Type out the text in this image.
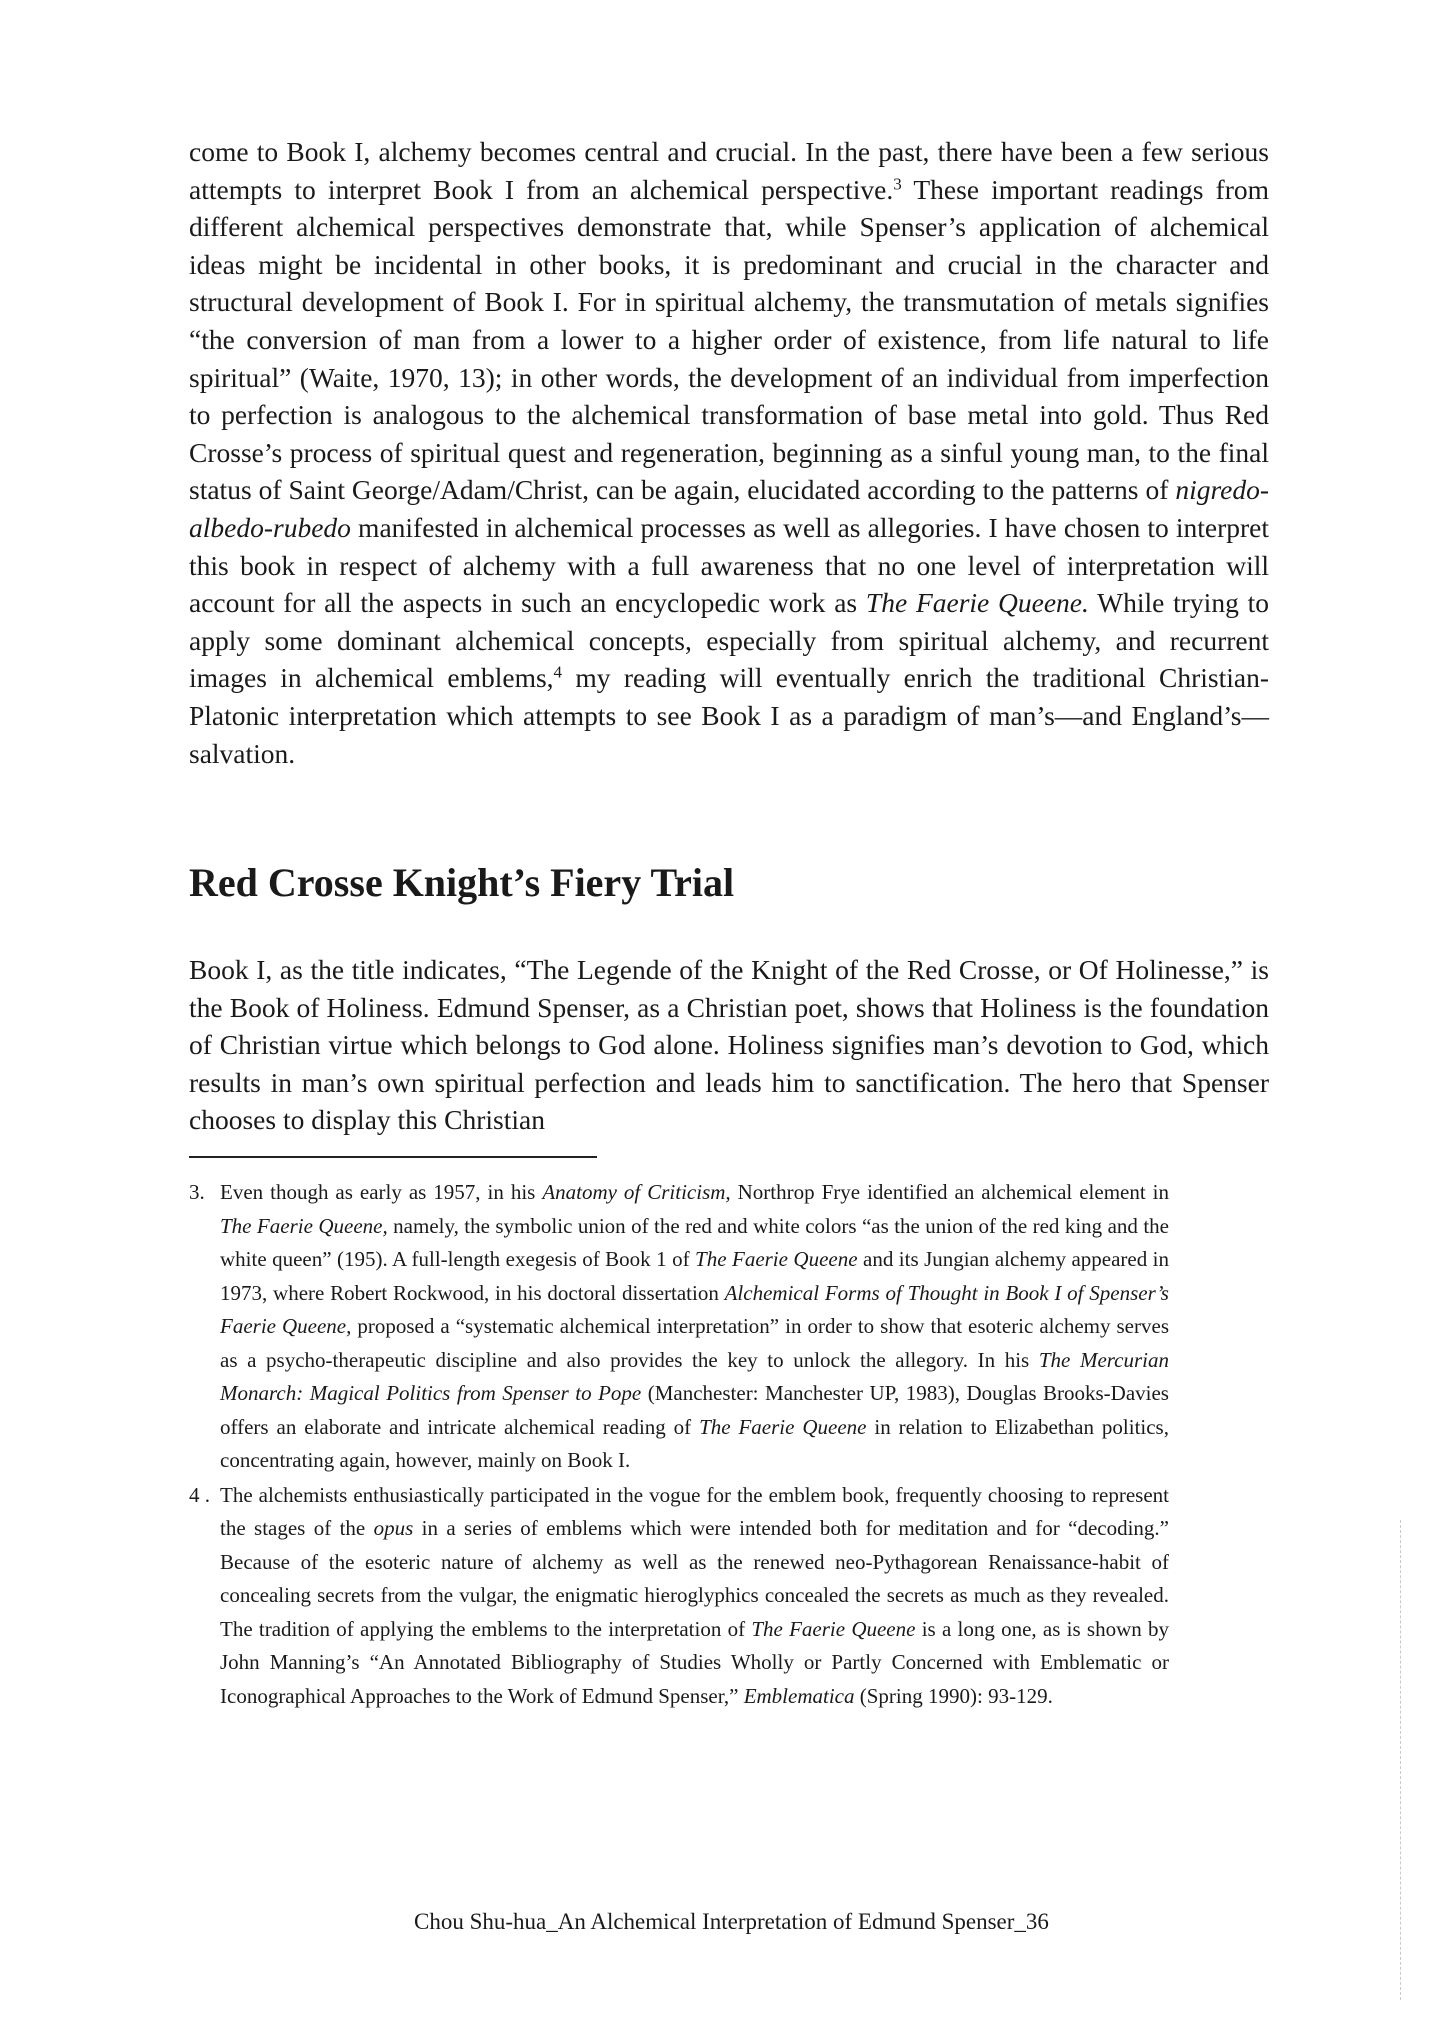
come to Book I, alchemy becomes central and crucial. In the past, there have been a few serious attempts to interpret Book I from an alchemical perspective.$^3$ These important readings from different alchemical perspectives demonstrate that, while Spenser’s application of alchemical ideas might be incidental in other books, it is predominant and crucial in the character and structural development of Book I. For in spiritual alchemy, the transmutation of metals signifies “the conversion of man from a lower to a higher order of existence, from life natural to life spiritual” (Waite, 1970, 13); in other words, the development of an individual from imperfection to perfection is analogous to the alchemical transformation of base metal into gold. Thus Red Crosse’s process of spiritual quest and regeneration, beginning as a sinful young man, to the final status of Saint George/Adam/Christ, can be again, elucidated according to the patterns of nigredo-albedo-rubedo manifested in alchemical processes as well as allegories. I have chosen to interpret this book in respect of alchemy with a full awareness that no one level of interpretation will account for all the aspects in such an encyclopedic work as The Faerie Queene. While trying to apply some dominant alchemical concepts, especially from spiritual alchemy, and recurrent images in alchemical emblems,$^4$ my reading will eventually enrich the traditional Christian-Platonic interpretation which attempts to see Book I as a paradigm of man’s—and England’s—salvation.

Red Crosse Knight’s Fiery Trial

Book I, as the title indicates, “The Legende of the Knight of the Red Crosse, or Of Holinesse,” is the Book of Holiness. Edmund Spenser, as a Christian poet, shows that Holiness is the foundation of Christian virtue which belongs to God alone. Holiness signifies man’s devotion to God, which results in man’s own spiritual perfection and leads him to sanctification. The hero that Spenser chooses to display this Christian

3. Even though as early as 1957, in his Anatomy of Criticism, Northrop Frye identified an alchemical element in The Faerie Queene, namely, the symbolic union of the red and white colors “as the union of the red king and the white queen” (195). A full-length exegesis of Book 1 of The Faerie Queene and its Jungian alchemy appeared in 1973, where Robert Rockwood, in his doctoral dissertation Alchemical Forms of Thought in Book I of Spenser’s Faerie Queene, proposed a “systematic alchemical interpretation” in order to show that esoteric alchemy serves as a psycho-therapeutic discipline and also provides the key to unlock the allegory. In his The Mercurian Monarch: Magical Politics from Spenser to Pope (Manchester: Manchester UP, 1983), Douglas Brooks-Davies offers an elaborate and intricate alchemical reading of The Faerie Queene in relation to Elizabethan politics, concentrating again, however, mainly on Book I.

4 . The alchemists enthusiastically participated in the vogue for the emblem book, frequently choosing to represent the stages of the opus in a series of emblems which were intended both for meditation and for “decoding.” Because of the esoteric nature of alchemy as well as the renewed neo-Pythagorean Renaissance-habit of concealing secrets from the vulgar, the enigmatic hieroglyphics concealed the secrets as much as they revealed. The tradition of applying the emblems to the interpretation of The Faerie Queene is a long one, as is shown by John Manning’s “An Annotated Bibliography of Studies Wholly or Partly Concerned with Emblematic or Iconographical Approaches to the Work of Edmund Spenser,” Emblematica (Spring 1990): 93-129.

Chou Shu-hua_An Alchemical Interpretation of Edmund Spenser_36
